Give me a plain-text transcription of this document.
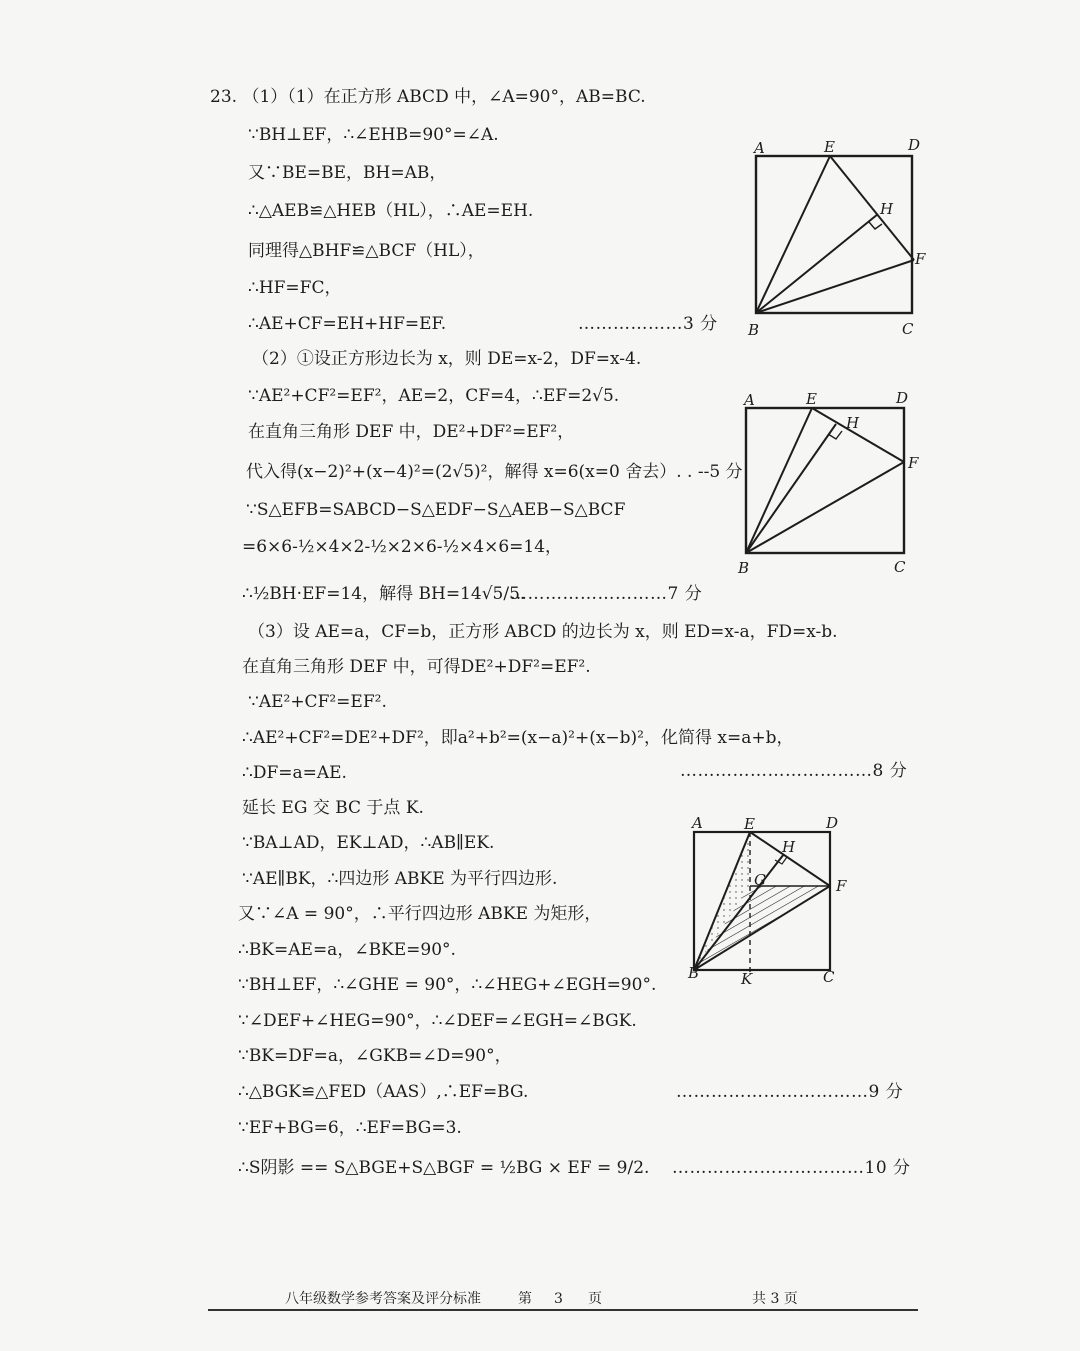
23. （1）（1）在正方形 ABCD 中，∠A=90°，AB=BC.
∵BH⊥EF，∴∠EHB=90°=∠A.
又∵BE=BE，BH=AB，
∴△AEB≌△HEB（HL），∴AE=EH.
同理得△BHF≌△BCF（HL），
∴HF=FC，
∴AE+CF=EH+HF=EF.	………………3 分
（2）①设正方形边长为 x，则 DE=x-2，DF=x-4.
∵AE²+CF²=EF²，AE=2，CF=4，∴EF=2√5.
在直角三角形 DEF 中，DE²+DF²=EF²，
代入得(x−2)²+(x−4)²=(2√5)²，解得 x=6(x=0 舍去）. . --5 分
∵S△EFB=SABCD−S△EDF−S△AEB−S△BCF
=6×6-½×4×2-½×2×6-½×4×6=14，
∴½BH·EF=14，解得 BH=14√5/5.
………………………7 分
（3）设 AE=a，CF=b，正方形 ABCD 的边长为 x，则 ED=x-a，FD=x-b.
在直角三角形 DEF 中，可得DE²+DF²=EF².
∵AE²+CF²=EF².
∴AE²+CF²=DE²+DF²，即a²+b²=(x−a)²+(x−b)²，化简得 x=a+b，
∴DF=a=AE.	……………………………8 分
延长 EG 交 BC 于点 K.
∵BA⊥AD，EK⊥AD，∴AB∥EK.
∵AE∥BK，∴四边形 ABKE 为平行四边形.
又∵∠A = 90°，∴平行四边形 ABKE 为矩形，
∴BK=AE=a，∠BKE=90°.
∵BH⊥EF，∴∠GHE = 90°，∴∠HEG+∠EGH=90°.
∵∠DEF+∠HEG=90°，∴∠DEF=∠EGH=∠BGK.
∵BK=DF=a，∠GKB=∠D=90°，
∴△BGK≌△FED（AAS）,∴EF=BG.	……………………………9 分
∵EF+BG=6，∴EF=BG=3.
∴S阴影 == S△BGE+S△BGF = ½BG × EF = 9/2. ……………………………10 分
A	E	D
H
F
B	C
A	E	D
H
F
B	C
A	E	D
H
G	F
B	K	C
八年级数学参考答案及评分标准	第 3 页	共 3 页
